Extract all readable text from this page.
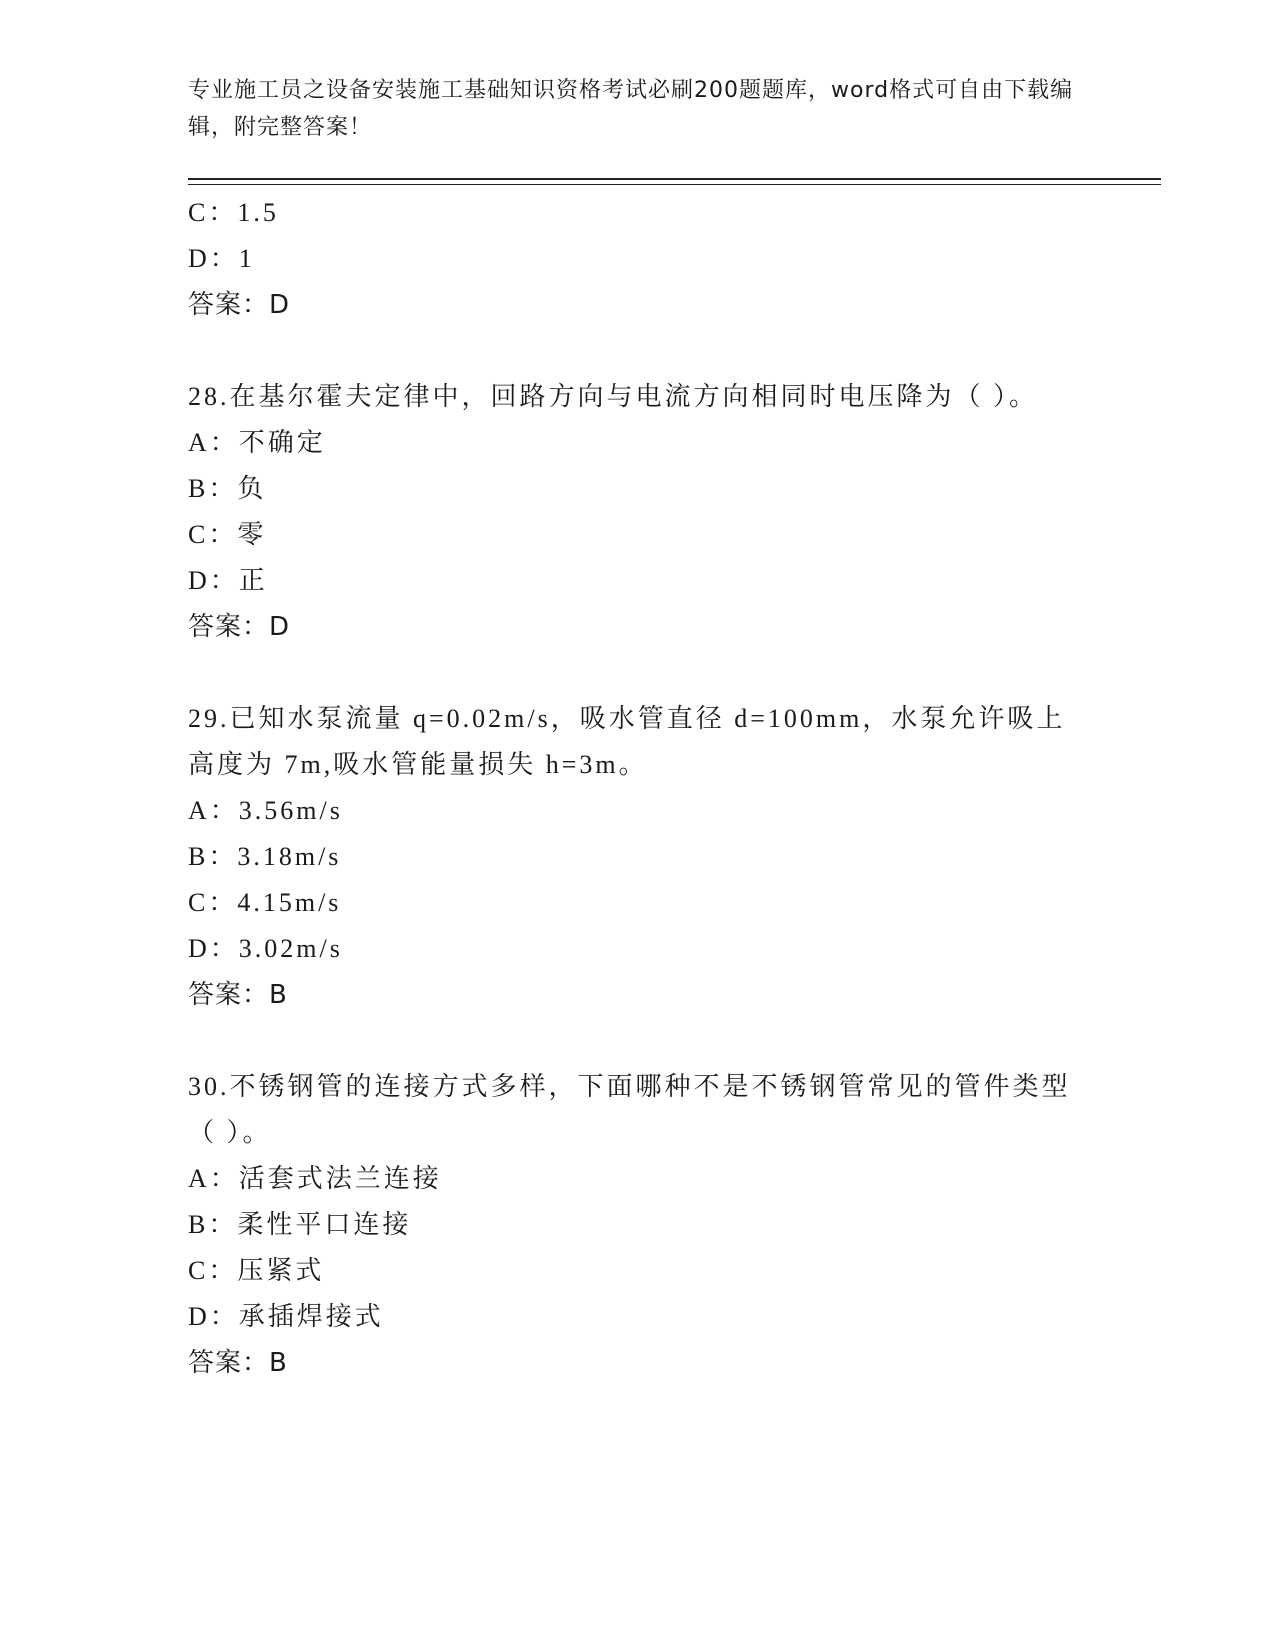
专业施工员之设备安装施工基础知识资格考试必刷200题题库，word格式可自由下载编辑，附完整答案！
C：1.5
D：1
答案：D
28.在基尔霍夫定律中，回路方向与电流方向相同时电压降为（ ）。
A：不确定
B：负
C：零
D：正
答案：D
29.已知水泵流量 q=0.02m/s，吸水管直径 d=100mm，水泵允许吸上高度为 7m,吸水管能量损失 h=3m。
A：3.56m/s
B：3.18m/s
C：4.15m/s
D：3.02m/s
答案：B
30.不锈钢管的连接方式多样，下面哪种不是不锈钢管常见的管件类型（ ）。
A：活套式法兰连接
B：柔性平口连接
C：压紧式
D：承插焊接式
答案：B
